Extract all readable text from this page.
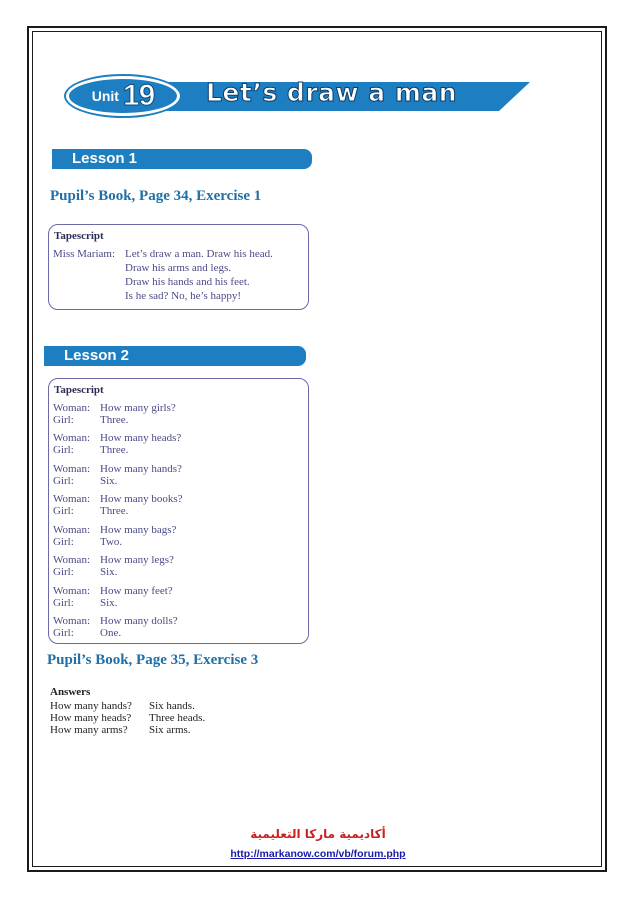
Unit 19 Let’s draw a man
Lesson 1
Pupil’s Book, Page 34, Exercise 1
Tapescript
Miss Mariam: Let’s draw a man. Draw his head.
Draw his arms and legs.
Draw his hands and his feet.
Is he sad? No, he’s happy!
Lesson 2
Tapescript
Woman: How many girls?
Girl: Three.
Woman: How many heads?
Girl: Three.
Woman: How many hands?
Girl: Six.
Woman: How many books?
Girl: Three.
Woman: How many bags?
Girl: Two.
Woman: How many legs?
Girl: Six.
Woman: How many feet?
Girl: Six.
Woman: How many dolls?
Girl: One.
Pupil’s Book, Page 35, Exercise 3
Answers
How many hands? Six hands.
How many heads? Three heads.
How many arms? Six arms.
أكاديمية ماركا التعليمية
http://markanow.com/vb/forum.php
